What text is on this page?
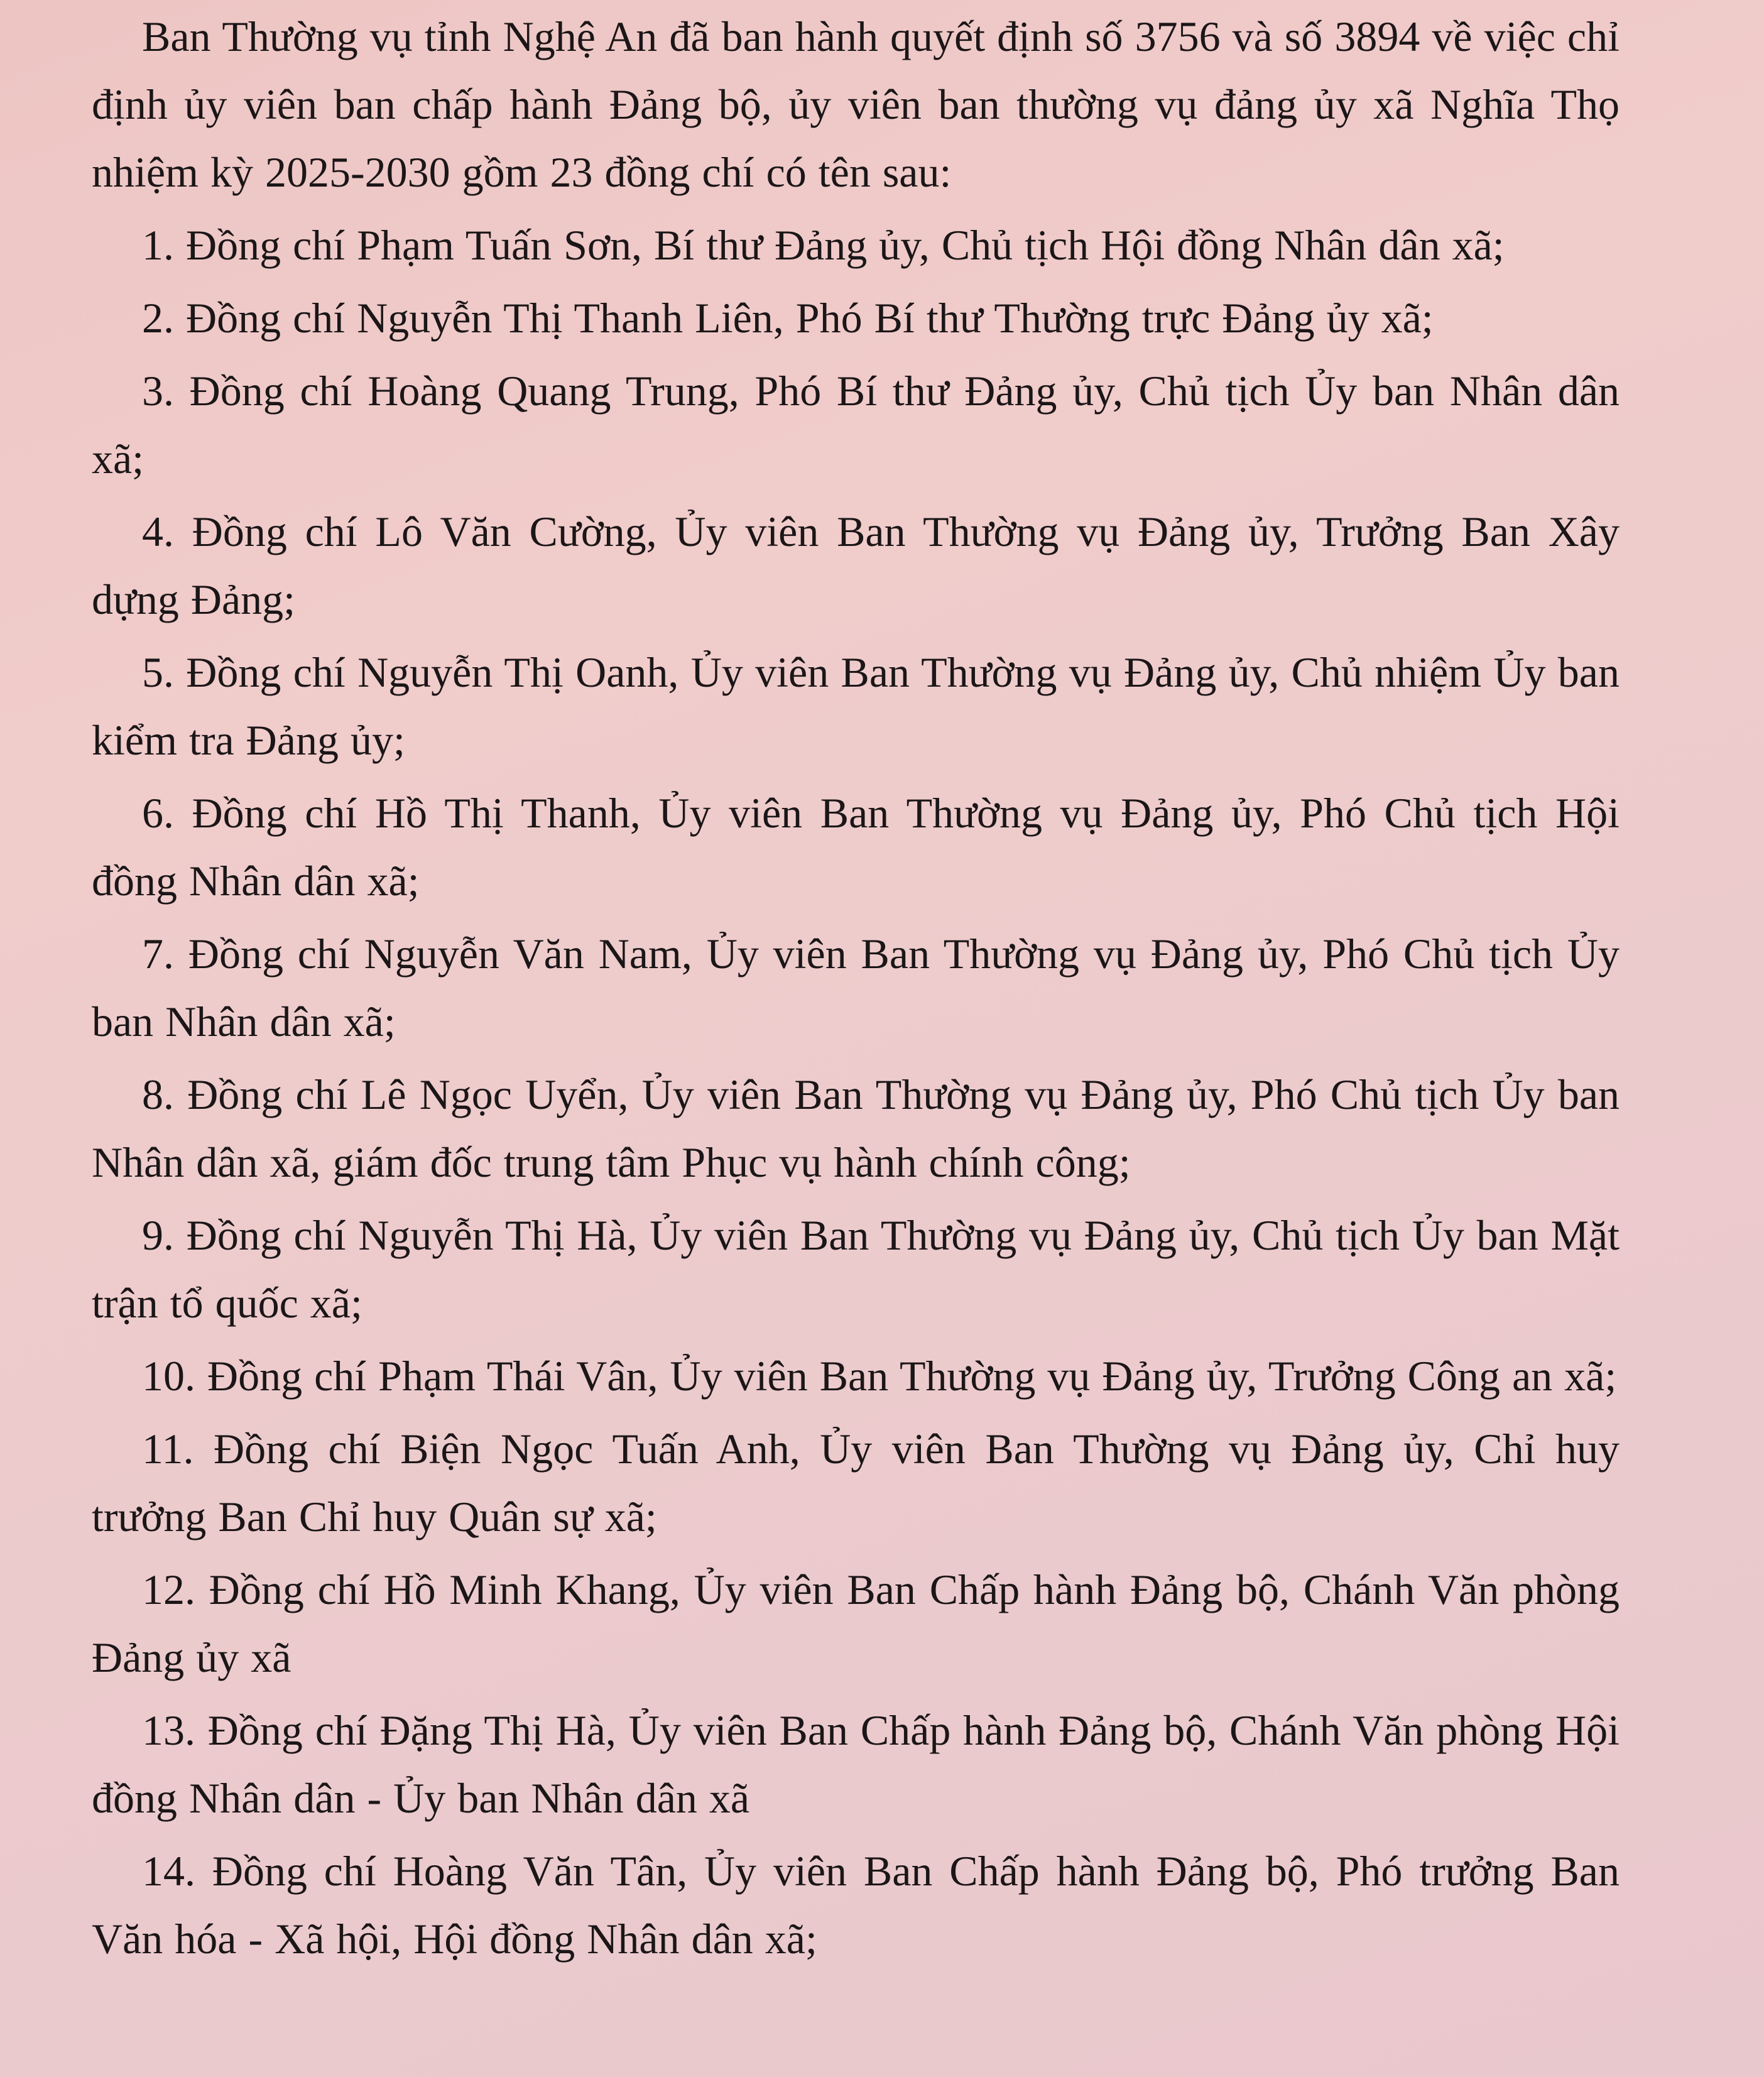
Ban Thường vụ tỉnh Nghệ An đã ban hành quyết định số 3756 và số 3894 về việc chỉ định ủy viên ban chấp hành Đảng bộ, ủy viên ban thường vụ đảng ủy xã Nghĩa Thọ nhiệm kỳ 2025-2030 gồm 23 đồng chí có tên sau:

1. Đồng chí Phạm Tuấn Sơn, Bí thư Đảng ủy, Chủ tịch Hội đồng Nhân dân xã;

2. Đồng chí Nguyễn Thị Thanh Liên, Phó Bí thư Thường trực Đảng ủy xã;

3. Đồng chí Hoàng Quang Trung, Phó Bí thư Đảng ủy, Chủ tịch Ủy ban Nhân dân xã;

4. Đồng chí Lô Văn Cường, Ủy viên Ban Thường vụ Đảng ủy, Trưởng Ban Xây dựng Đảng;

5. Đồng chí Nguyễn Thị Oanh, Ủy viên Ban Thường vụ Đảng ủy, Chủ nhiệm Ủy ban kiểm tra Đảng ủy;

6. Đồng chí Hồ Thị Thanh, Ủy viên Ban Thường vụ Đảng ủy, Phó Chủ tịch Hội đồng Nhân dân xã;

7. Đồng chí Nguyễn Văn Nam, Ủy viên Ban Thường vụ Đảng ủy, Phó Chủ tịch Ủy ban Nhân dân xã;

8. Đồng chí Lê Ngọc Uyển, Ủy viên Ban Thường vụ Đảng ủy, Phó Chủ tịch Ủy ban Nhân dân xã, giám đốc trung tâm Phục vụ hành chính công;

9. Đồng chí Nguyễn Thị Hà, Ủy viên Ban Thường vụ Đảng ủy, Chủ tịch Ủy ban Mặt trận tổ quốc xã;

10. Đồng chí Phạm Thái Vân, Ủy viên Ban Thường vụ Đảng ủy, Trưởng Công an xã;

11. Đồng chí Biện Ngọc Tuấn Anh, Ủy viên Ban Thường vụ Đảng ủy, Chỉ huy trưởng Ban Chỉ huy Quân sự xã;

12. Đồng chí Hồ Minh Khang, Ủy viên Ban Chấp hành Đảng bộ, Chánh Văn phòng Đảng ủy xã

13. Đồng chí Đặng Thị Hà, Ủy viên Ban Chấp hành Đảng bộ, Chánh Văn phòng Hội đồng Nhân dân - Ủy ban Nhân dân xã

14. Đồng chí Hoàng Văn Tân, Ủy viên Ban Chấp hành Đảng bộ, Phó trưởng Ban Văn hóa - Xã hội, Hội đồng Nhân dân xã;
